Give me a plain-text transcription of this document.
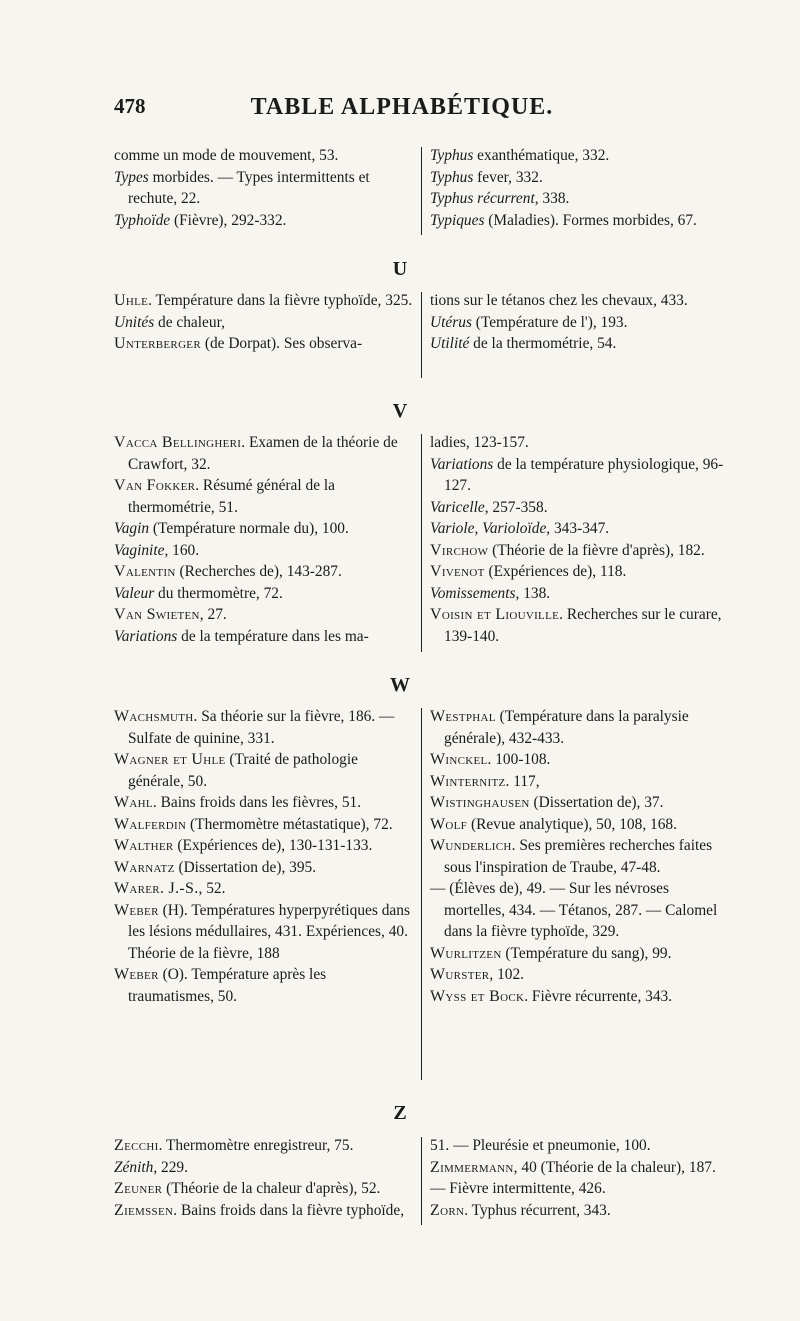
478	TABLE ALPHABÉTIQUE.

comme un mode de mouvement, 53.

Types morbides. — Types intermittents et rechute, 22.

Typhoïde (Fièvre), 292-332.

Typhus exanthématique, 332.

Typhus fever, 332.

Typhus récurrent, 338.

Typiques (Maladies). Formes morbides, 67.

U

Uhle. Température dans la fièvre typhoïde, 325.

Unités de chaleur,

Unterberger (de Dorpat). Ses observa-

tions sur le tétanos chez les chevaux, 433.

Utérus (Température de l'), 193.

Utilité de la thermométrie, 54.

V

Vacca Bellingheri. Examen de la théorie de Crawfort, 32.

Van Fokker. Résumé général de la thermométrie, 51.

Vagin (Température normale du), 100.

Vaginite, 160.

Valentin (Recherches de), 143-287.

Valeur du thermomètre, 72.

Van Swieten, 27.

Variations de la température dans les ma-

ladies, 123-157.

Variations de la température physiologique, 96-127.

Varicelle, 257-358.

Variole, Varioloïde, 343-347.

Virchow (Théorie de la fièvre d'après), 182.

Vivenot (Expériences de), 118.

Vomissements, 138.

Voisin et Liouville. Recherches sur le curare, 139-140.

W

Wachsmuth. Sa théorie sur la fièvre, 186. — Sulfate de quinine, 331.

Wagner et Uhle (Traité de pathologie générale, 50.

Wahl. Bains froids dans les fièvres, 51.

Walferdin (Thermomètre métastatique), 72.

Walther (Expériences de), 130-131-133.

Warnatz (Dissertation de), 395.

Warer. J.-S., 52.

Weber (H). Températures hyperpyrétiques dans les lésions médullaires, 431. Expériences, 40. Théorie de la fièvre, 188

Weber (O). Température après les traumatismes, 50.

Westphal (Température dans la paralysie générale), 432-433.

Winckel. 100-108.

Winternitz. 117,

Wistinghausen (Dissertation de), 37.

Wolf (Revue analytique), 50, 108, 168.

Wunderlich. Ses premières recherches faites sous l'inspiration de Traube, 47-48.

— (Élèves de), 49. — Sur les névroses mortelles, 434. — Tétanos, 287. — Calomel dans la fièvre typhoïde, 329.

Wurlitzen (Température du sang), 99.

Wurster, 102.

Wyss et Bock. Fièvre récurrente, 343.

Z

Zecchi. Thermomètre enregistreur, 75.

Zénith, 229.

Zeuner (Théorie de la chaleur d'après), 52.

Ziemssen. Bains froids dans la fièvre typhoïde,

51. — Pleurésie et pneumonie, 100.

Zimmermann, 40 (Théorie de la chaleur), 187.

— Fièvre intermittente, 426.

Zorn. Typhus récurrent, 343.
